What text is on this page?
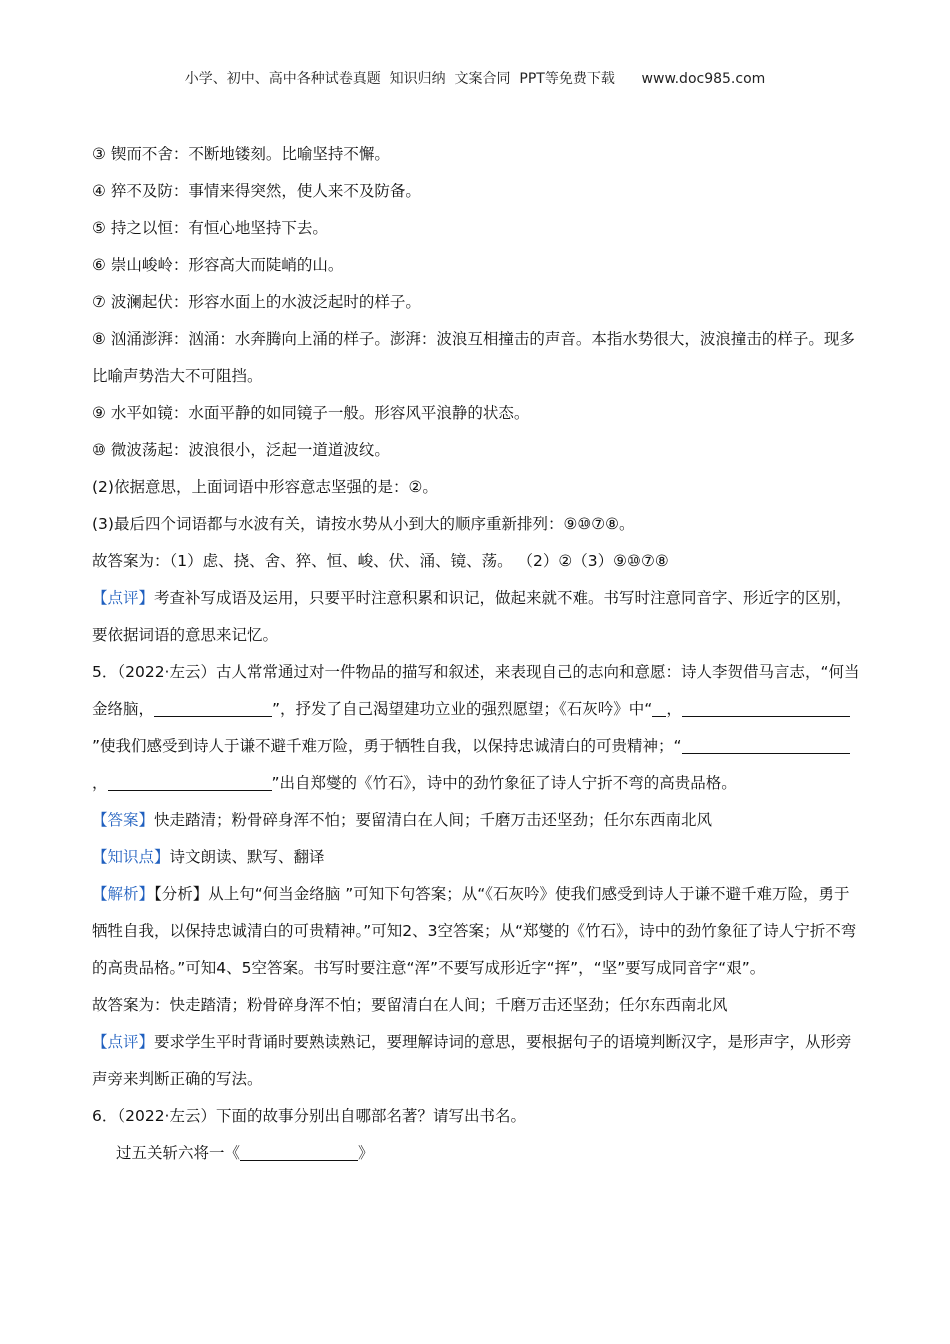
小学、初中、高中各种试卷真题  知识归纳  文案合同  PPT等免费下载      www.doc985.com

③ 锲而不舍：不断地镂刻。比喻坚持不懈。

④ 猝不及防：事情来得突然，使人来不及防备。

⑤ 持之以恒：有恒心地坚持下去。

⑥ 崇山峻岭：形容高大而陡峭的山。

⑦ 波澜起伏：形容水面上的水波泛起时的样子。

⑧ 汹涌澎湃：汹涌：水奔腾向上涌的样子。澎湃：波浪互相撞击的声音。本指水势很大，波浪撞击的样子。现多比喻声势浩大不可阻挡。

⑨ 水平如镜：水面平静的如同镜子一般。形容风平浪静的状态。

⑩ 微波荡起：波浪很小，泛起一道道波纹。

(2)依据意思，上面词语中形容意志坚强的是：②。

(3)最后四个词语都与水波有关，请按水势从小到大的顺序重新排列：⑨⑩⑦⑧。

故答案为：（1）虑、挠、舍、猝、恒、峻、伏、涌、镜、荡。 （2）②（3）⑨⑩⑦⑧

【点评】考查补写成语及运用，只要平时注意积累和识记，做起来就不难。书写时注意同音字、形近字的区别，要依据词语的意思来记忆。

5．（2022·左云）古人常常通过对一件物品的描写和叙述，来表现自己的志向和意愿：诗人李贺借马言志，“何当金络脑，	”，抒发了自己渴望建功立业的强烈愿望；《石灰吟》中“ ，”使我们感受到诗人于谦不避千难万险，勇于牺牲自我，以保持忠诚清白的可贵精神；“，	”出自郑燮的《竹石》，诗中的劲竹象征了诗人宁折不弯的高贵品格。

【答案】快走踏清；粉骨碎身浑不怕；要留清白在人间；千磨万击还坚劲；任尔东西南北风

【知识点】诗文朗读、默写、翻译

【解析】【分析】从上句“何当金络脑 ”可知下句答案；从“《石灰吟》使我们感受到诗人于谦不避千难万险，勇于牺牲自我，以保持忠诚清白的可贵精神。”可知2、3空答案；从“郑燮的《竹石》，诗中的劲竹象征了诗人宁折不弯的高贵品格。”可知4、5空答案。书写时要注意“浑”不要写成形近字“挥”，“坚”要写成同音字“艰”。

故答案为：快走踏清；粉骨碎身浑不怕；要留清白在人间；千磨万击还坚劲；任尔东西南北风

【点评】要求学生平时背诵时要熟读熟记，要理解诗词的意思，要根据句子的语境判断汉字，是形声字，从形旁声旁来判断正确的写法。

6．（2022·左云）下面的故事分别出自哪部名著？请写出书名。

过五关斩六将一《	》
